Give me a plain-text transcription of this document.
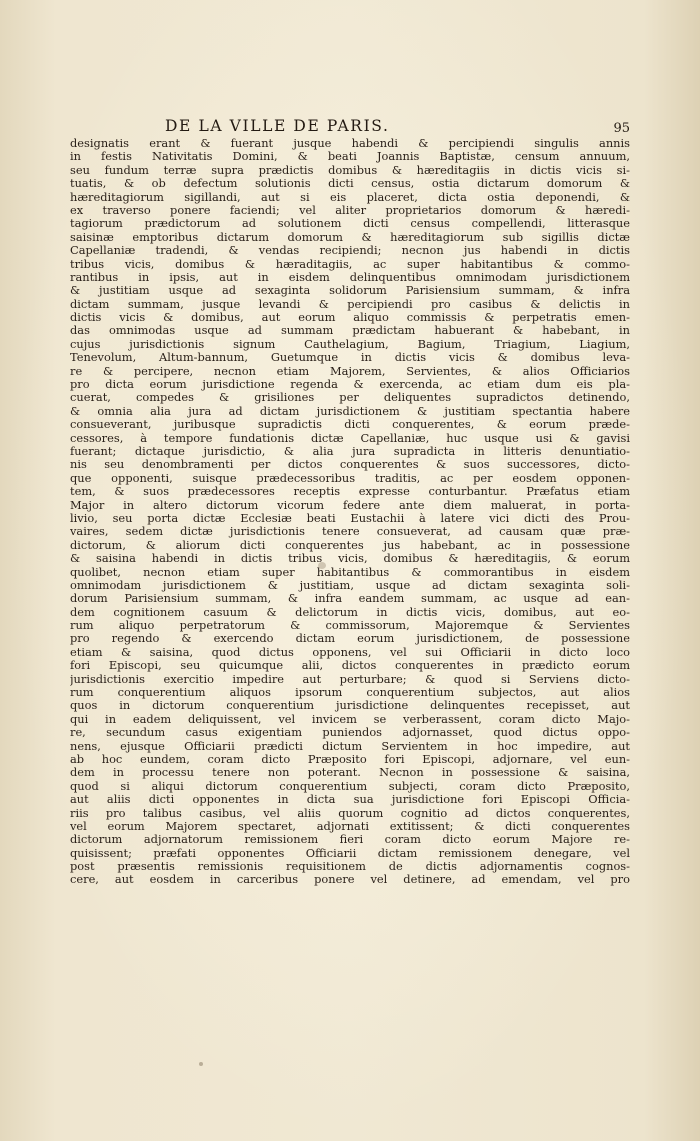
DE LA VILLE DE PARIS.	95
designatis erant & fuerant jusque habendi & percipiendi singulis annis
in festis Nativitatis Domini, & beati Joannis Baptistæ, censum annuum,
seu fundum terræ supra prædictis domibus & hæreditagiis in dictis vicis si-
tuatis, & ob defectum solutionis dicti census, ostia dictarum domorum &
hæreditagiorum sigillandi, aut si eis placeret, dicta ostia deponendi, &
ex traverso ponere faciendi; vel aliter proprietarios domorum & hæredi-
tagiorum prædictorum ad solutionem dicti census compellendi, litterasque
saisinæ emptoribus dictarum domorum & hæreditagiorum sub sigillis dictæ
Capellaniæ tradendi, & vendas recipiendi; necnon jus habendi in dictis
tribus vicis, domibus & hæraditagiis, ac super habitantibus & commo-
rantibus in ipsis, aut in eisdem delinquentibus omnimodam jurisdictionem
& justitiam usque ad sexaginta solidorum Parisiensium summam, & infra
dictam summam, jusque levandi & percipiendi pro casibus & delictis in
dictis vicis & domibus, aut eorum aliquo commissis & perpetratis emen-
das omnimodas usque ad summam prædictam habuerant & habebant, in
cujus jurisdictionis signum Cauthelagium, Bagium, Triagium, Liagium,
Tenevolum, Altum-bannum, Guetumque in dictis vicis & domibus leva-
re & percipere, necnon etiam Majorem, Servientes, & alios Officiarios
pro dicta eorum jurisdictione regenda & exercenda, ac etiam dum eis pla-
cuerat, compedes & grisiliones per deliquentes supradictos detinendo,
& omnia alia jura ad dictam jurisdictionem & justitiam spectantia habere
consueverant, juribusque supradictis dicti conquerentes, & eorum præde-
cessores, à tempore fundationis dictæ Capellaniæ, huc usque usi & gavisi
fuerant; dictaque jurisdictio, & alia jura supradicta in litteris denuntiatio-
nis seu denombramenti per dictos conquerentes & suos successores, dicto-
que opponenti, suisque prædecessoribus traditis, ac per eosdem opponen-
tem, & suos prædecessores receptis expresse conturbantur. Præfatus etiam
Major in altero dictorum vicorum federe ante diem maluerat, in porta-
livio, seu porta dictæ Ecclesiæ beati Eustachii à latere vici dicti des Prou-
vaires, sedem dictæ jurisdictionis tenere consueverat, ad causam quæ præ-
dictorum, & aliorum dicti conquerentes jus habebant, ac in possessione
& saisina habendi in dictis tribus vicis, domibus & hæreditagiis, & eorum
quolibet, necnon etiam super habitantibus & commorantibus in eisdem
omnimodam jurisdictionem & justitiam, usque ad dictam sexaginta soli-
dorum Parisiensium summam, & infra eandem summam, ac usque ad ean-
dem cognitionem casuum & delictorum in dictis vicis, domibus, aut eo-
rum aliquo perpetratorum & commissorum, Majoremque & Servientes
pro regendo & exercendo dictam eorum jurisdictionem, de possessione
etiam & saisina, quod dictus opponens, vel sui Officiarii in dicto loco
fori Episcopi, seu quicumque alii, dictos conquerentes in prædicto eorum
jurisdictionis exercitio impedire aut perturbare; & quod si Serviens dicto-
rum conquerentium aliquos ipsorum conquerentium subjectos, aut alios
quos in dictorum conquerentium jurisdictione delinquentes recepisset, aut
qui in eadem deliquissent, vel invicem se verberassent, coram dicto Majo-
re, secundum casus exigentiam puniendos adjornasset, quod dictus oppo-
nens, ejusque Officiarii prædicti dictum Servientem in hoc impedire, aut
ab hoc eundem, coram dicto Præposito fori Episcopi, adjornare, vel eun-
dem in processu tenere non poterant. Necnon in possessione & saisina,
quod si aliqui dictorum conquerentium subjecti, coram dicto Præposito,
aut aliis dicti opponentes in dicta sua jurisdictione fori Episcopi Officia-
riis pro talibus casibus, vel aliis quorum cognitio ad dictos conquerentes,
vel eorum Majorem spectaret, adjornati extitissent; & dicti conquerentes
dictorum adjornatorum remissionem fieri coram dicto eorum Majore re-
quisissent; præfati opponentes Officiarii dictam remissionem denegare, vel
post præsentis remissionis requisitionem de dictis adjornamentis cognos-
cere, aut eosdem in carceribus ponere vel detinere, ad emendam, vel pro
